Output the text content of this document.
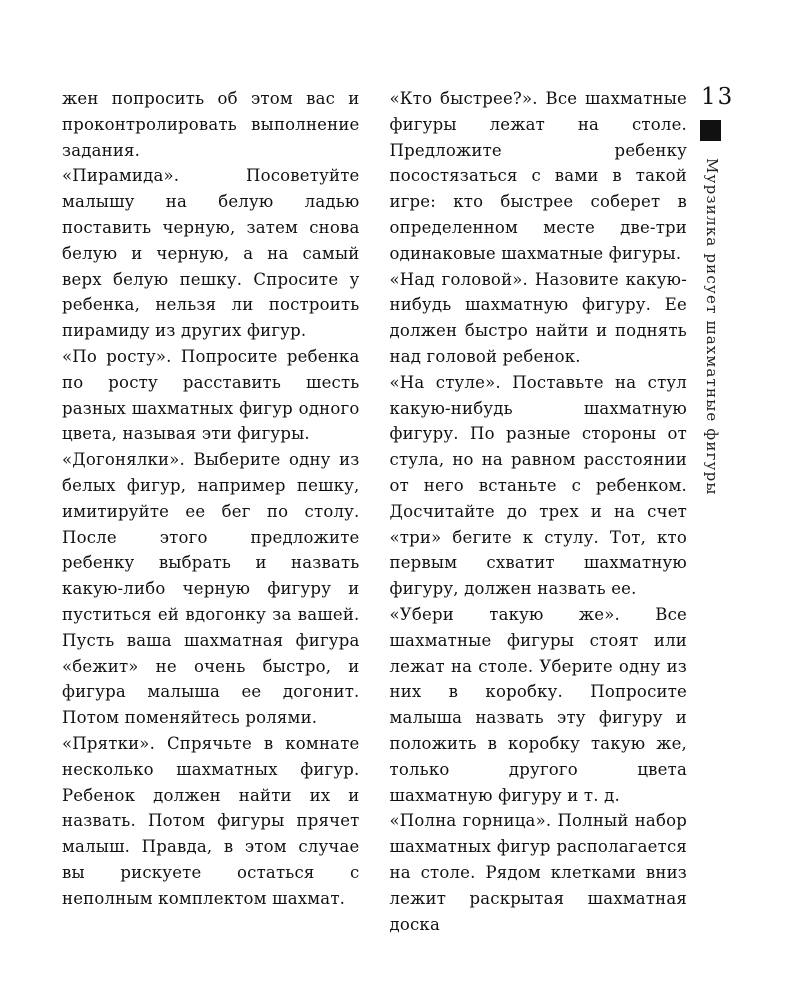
жен попросить об этом вас и проконтролировать выполнение задания.

«Пирамида». Посоветуйте малышу на белую ладью поставить черную, затем снова белую и черную, а на самый верх белую пешку. Спросите у ребенка, нельзя ли построить пирамиду из других фигур.

«По росту». Попросите ребенка по росту расставить шесть разных шахматных фигур одного цвета, называя эти фигуры.

«Догонялки». Выберите одну из белых фигур, например пешку, имитируйте ее бег по столу. После этого предложите ребенку выбрать и назвать какую-либо черную фигуру и пуститься ей вдогонку за вашей. Пусть ваша шахматная фигура «бежит» не очень быстро, и фигура малыша ее догонит. Потом поменяйтесь ролями.

«Прятки». Спрячьте в комнате несколько шахматных фигур. Ребенок должен найти их и назвать. Потом фигуры прячет малыш. Правда, в этом случае вы рискуете остаться с неполным комплектом шахмат.

«Кто быстрее?». Все шахматные фигуры лежат на столе. Предложите ребенку посостязаться с вами в такой игре: кто быстрее соберет в определенном месте две-три одинаковые шахматные фигуры.

«Над головой». Назовите какую-нибудь шахматную фигуру. Ее должен быстро найти и поднять над головой ребенок.

«На стуле». Поставьте на стул какую-нибудь шахматную фигуру. По разные стороны от стула, но на равном расстоянии от него встаньте с ребенком. Досчитайте до трех и на счет «три» бегите к стулу. Тот, кто первым схватит шахматную фигуру, должен назвать ее.

«Убери такую же». Все шахматные фигуры стоят или лежат на столе. Уберите одну из них в коробку. Попросите малыша назвать эту фигуру и положить в коробку такую же, только другого цвета шахматную фигуру и т. д.

«Полна горница». Полный набор шахматных фигур располагается на столе. Рядом клетками вниз лежит раскрытая шахматная доска

13
Мурзилка рисует шахматные фигуры
